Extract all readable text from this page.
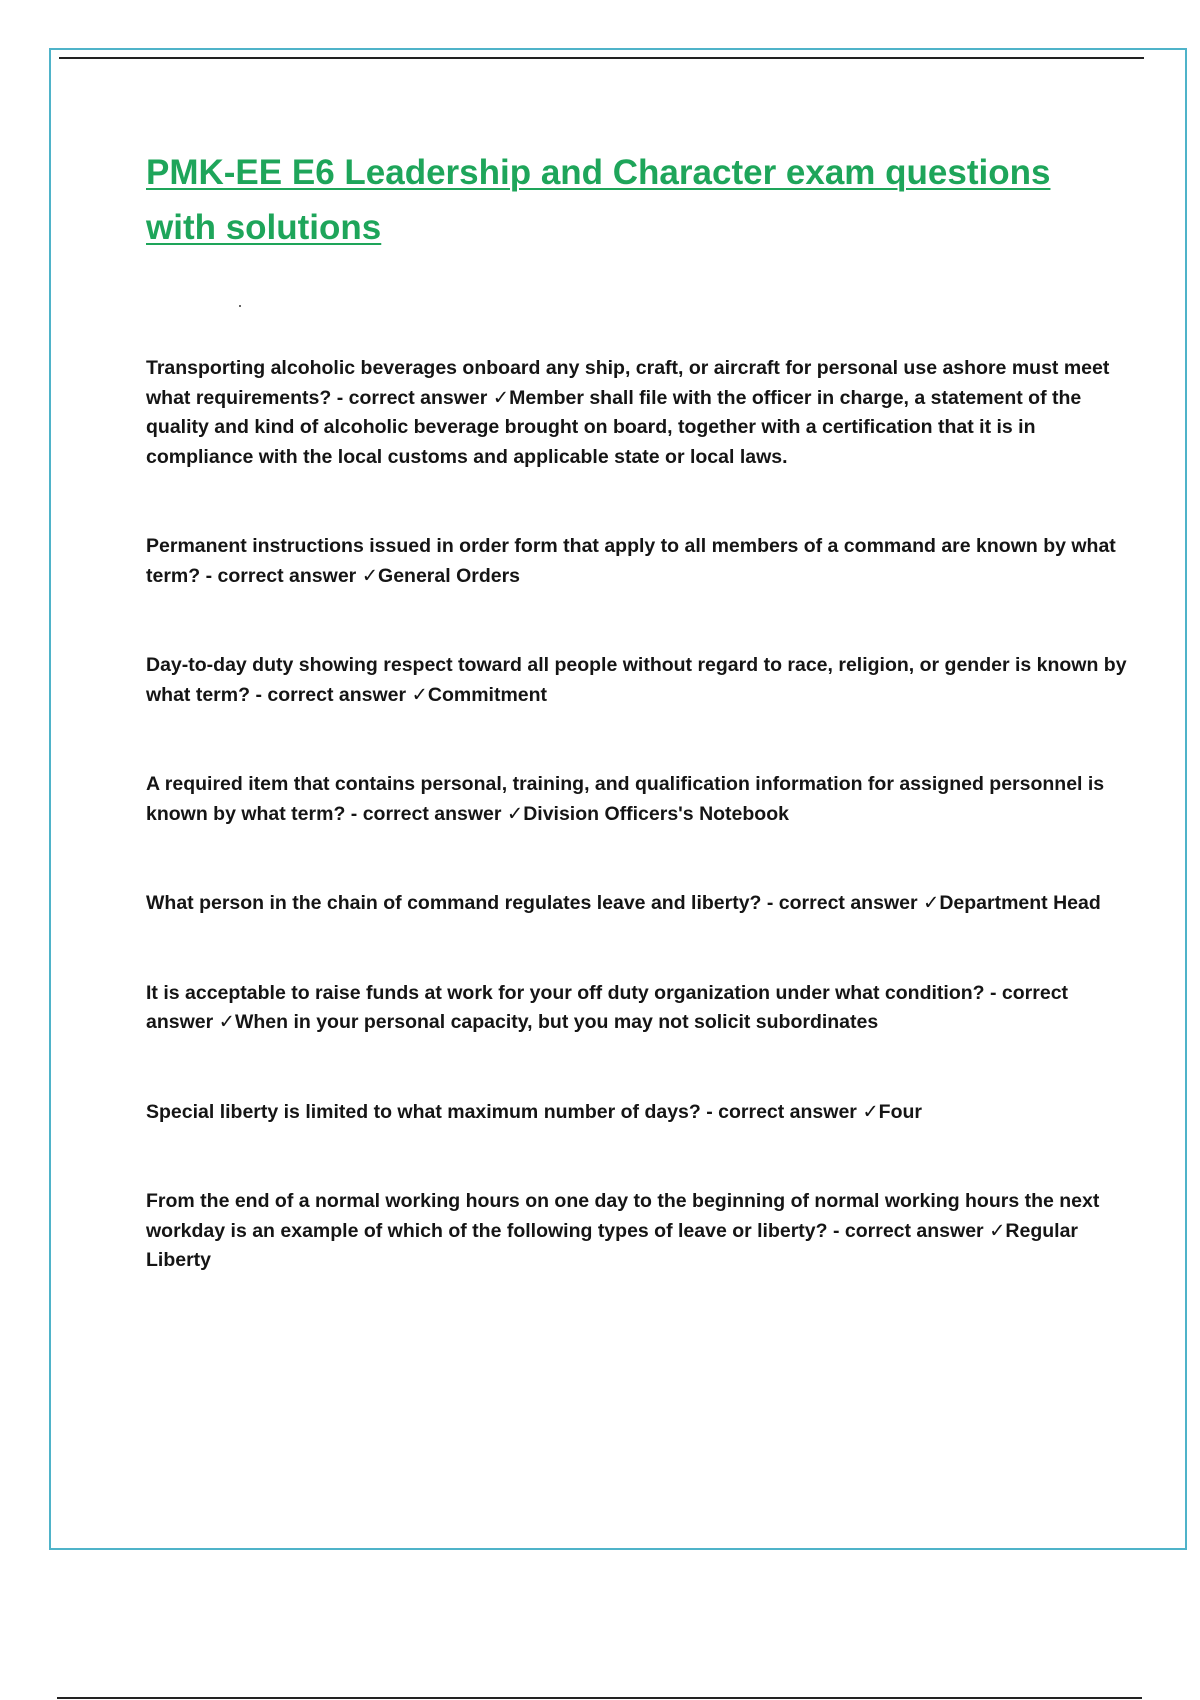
PMK-EE E6 Leadership and Character exam questions with solutions
Transporting alcoholic beverages onboard any ship, craft, or aircraft for personal use ashore must meet what requirements? - correct answer ✓Member shall file with the officer in charge, a statement of the quality and kind of alcoholic beverage brought on board, together with a certification that it is in compliance with the local customs and applicable state or local laws.
Permanent instructions issued in order form that apply to all members of a command are known by what term? - correct answer ✓General Orders
Day-to-day duty showing respect toward all people without regard to race, religion, or gender is known by what term? - correct answer ✓Commitment
A required item that contains personal, training, and qualification information for assigned personnel is known by what term? - correct answer ✓Division Officers's Notebook
What person in the chain of command regulates leave and liberty? - correct answer ✓Department Head
It is acceptable to raise funds at work for your off duty organization under what condition? - correct answer ✓When in your personal capacity, but you may not solicit subordinates
Special liberty is limited to what maximum number of days? - correct answer ✓Four
From the end of a normal working hours on one day to the beginning of normal working hours the next workday is an example of which of the following types of leave or liberty? - correct answer ✓Regular Liberty
